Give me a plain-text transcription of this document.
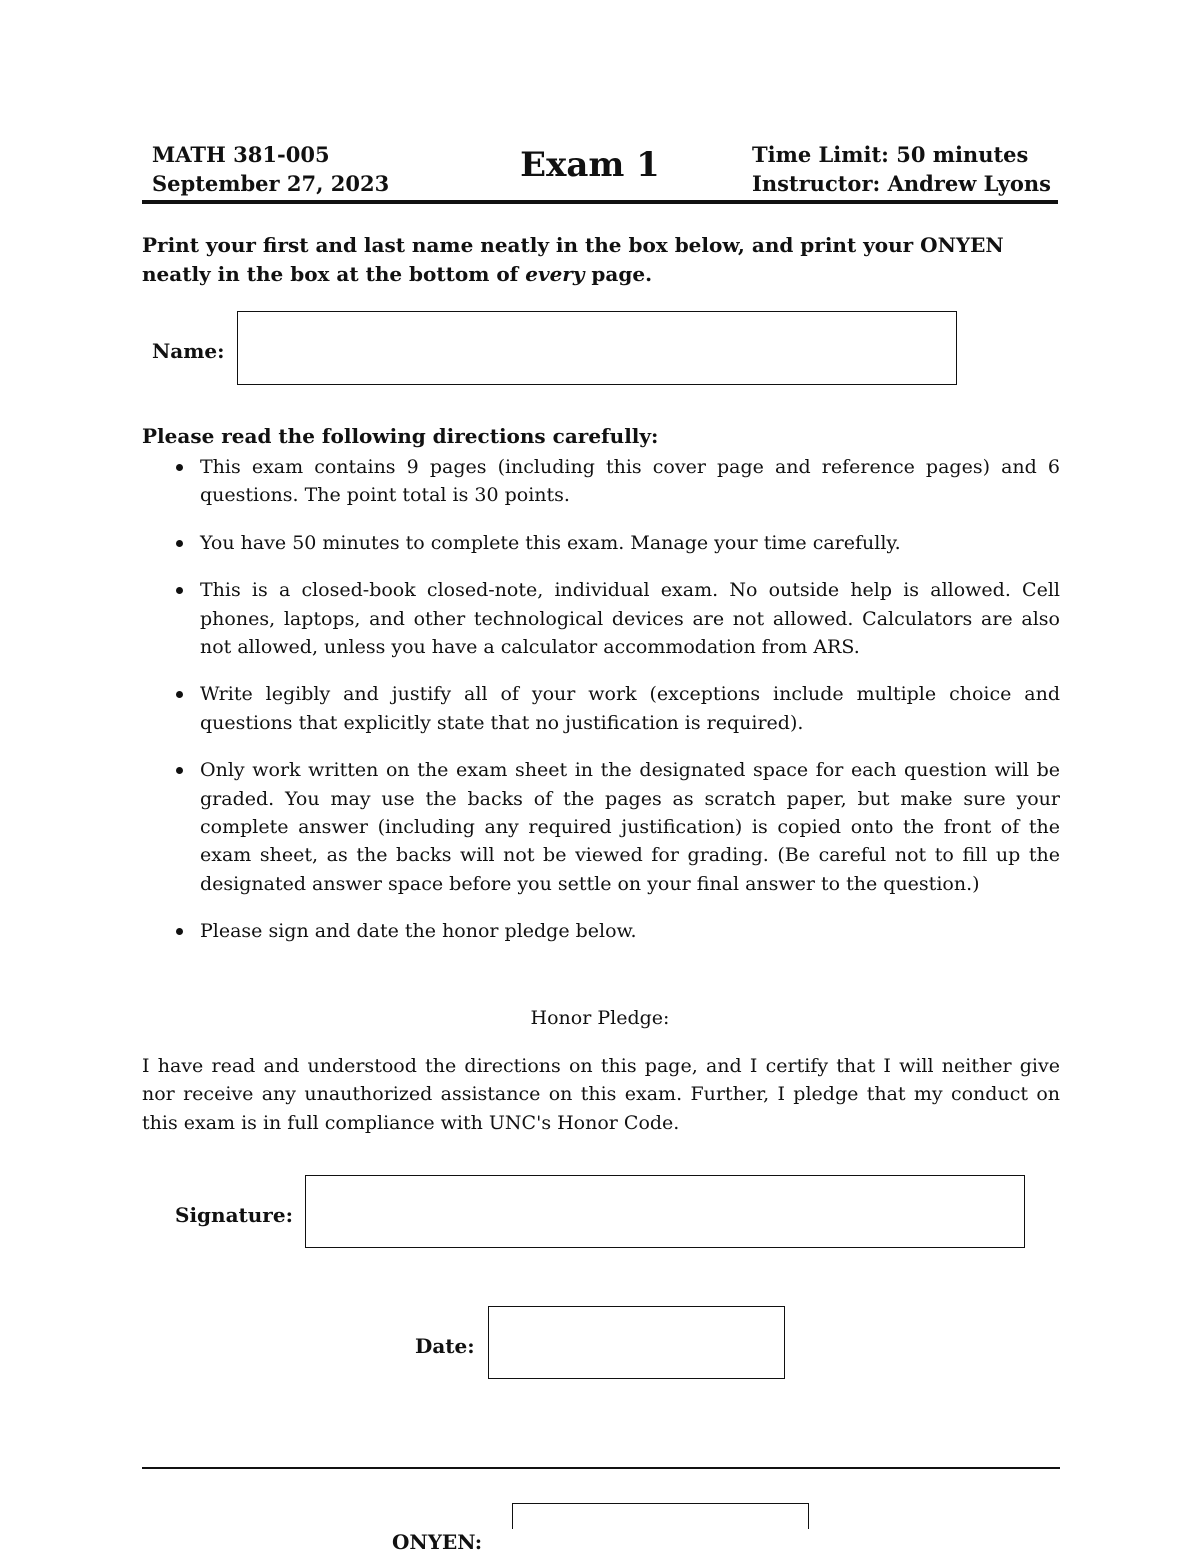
MATH 381-005
September 27, 2023	Exam 1	Time Limit: 50 minutes
Instructor: Andrew Lyons
Print your first and last name neatly in the box below, and print your ONYEN neatly in the box at the bottom of every page.
Name:
Please read the following directions carefully:
This exam contains 9 pages (including this cover page and reference pages) and 6 questions. The point total is 30 points.
You have 50 minutes to complete this exam. Manage your time carefully.
This is a closed-book closed-note, individual exam. No outside help is allowed. Cell phones, laptops, and other technological devices are not allowed. Calculators are also not allowed, unless you have a calculator accommodation from ARS.
Write legibly and justify all of your work (exceptions include multiple choice and questions that explicitly state that no justification is required).
Only work written on the exam sheet in the designated space for each question will be graded. You may use the backs of the pages as scratch paper, but make sure your complete answer (including any required justification) is copied onto the front of the exam sheet, as the backs will not be viewed for grading. (Be careful not to fill up the designated answer space before you settle on your final answer to the question.)
Please sign and date the honor pledge below.
Honor Pledge:
I have read and understood the directions on this page, and I certify that I will neither give nor receive any unauthorized assistance on this exam. Further, I pledge that my conduct on this exam is in full compliance with UNC's Honor Code.
Signature:
Date:
ONYEN:
